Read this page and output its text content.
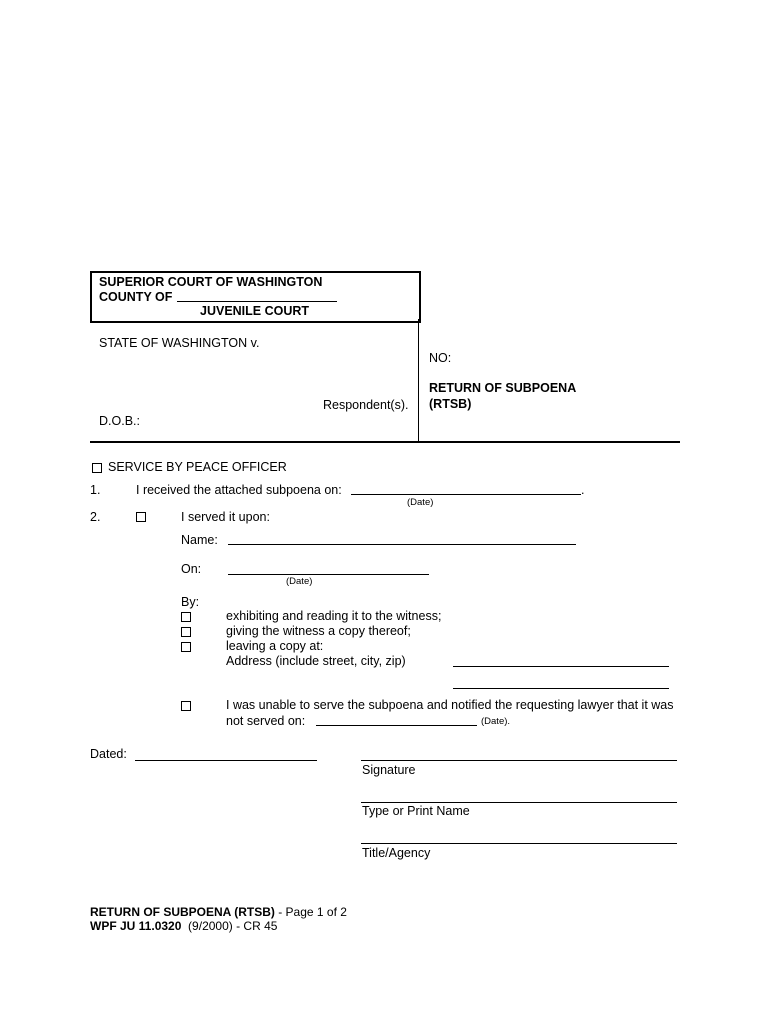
SUPERIOR COURT OF WASHINGTON
COUNTY OF
JUVENILE COURT
STATE OF WASHINGTON v.
Respondent(s).
D.O.B.:
NO:
RETURN OF SUBPOENA
(RTSB)
SERVICE BY PEACE OFFICER
1.	I received the attached subpoena on:	.
(Date)
2.	I served it upon:
Name:
On:
(Date)
By:
exhibiting and reading it to the witness;
giving the witness a copy thereof;
leaving a copy at:
Address (include street, city, zip)
I was unable to serve the subpoena and notified the requesting lawyer that it was
not served on:	(Date).
Dated:
Signature
Type or Print Name
Title/Agency
RETURN OF SUBPOENA (RTSB) - Page 1 of 2
WPF JU 11.0320  (9/2000) - CR 45
